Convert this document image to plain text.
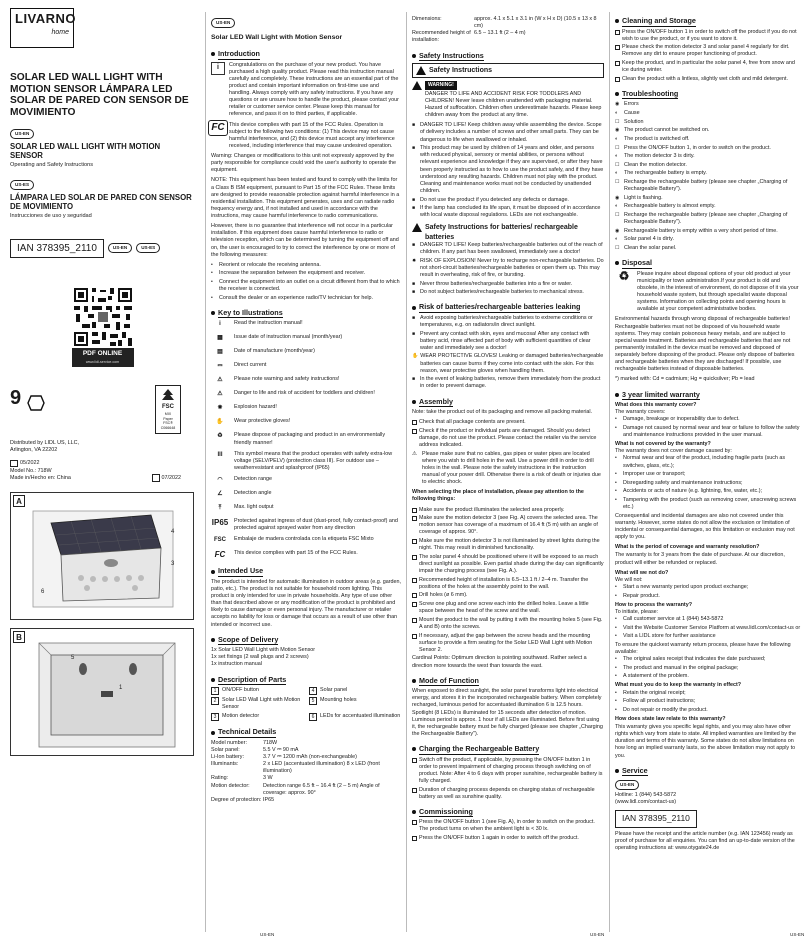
LIVARNO
home
SOLAR LED WALL LIGHT WITH MOTION SENSOR LÁMPARA LED SOLAR DE PARED CON SENSOR DE MOVIMIENTO
US-EN
SOLAR LED WALL LIGHT WITH MOTION SENSOR
Operating and Safety Instructions
US-ES
LÁMPARA LED SOLAR DE PARED CON SENSOR DE MOVIMIENTO
Instrucciones de uso y seguridad
IAN 378395_2110	US-EN	US-ES
PDF ONLINE
www.lidl-service.com
9	FSC
MIX
Paper
FSC® C066648
Distributed by LIDL US, LLC, Arlington, VA 22202
05/2022
Model No.: 718W
Made in/Hecho en: China	07/2022
A
4
3
6
B
5
1
US-EN
Solar LED Wall Light with Motion Sensor
Introduction
i	Congratulations on the purchase of your new product. You have purchased a high quality product. Please read this instruction manual carefully and completely. These instructions are an essential part of the product and contain important information on first-time use and handling. Always comply with any safety instructions. If you have any questions or are unsure how to handle the product, please contact your retailer or customer service center. Please keep this manual for reference, and pass it on to third parties, if applicable.
FC This device complies with part 15 of the FCC Rules. Operation is subject to the following two conditions: (1) This device may not cause harmful interference, and (2) this device must accept any interference received, including interference that may cause undesired operation.

Warning: Changes or modifications to this unit not expressly approved by the party responsible for compliance could void the user's authority to operate the equipment.

NOTE: This equipment has been tested and found to comply with the limits for a Class B ISM equipment, pursuant to Part 15 of the FCC Rules. These limits are designed to provide reasonable protection against harmful interference in a residential installation. This equipment generates, uses and can radiate radio frequency energy and, if not installed and used in accordance with the instructions, may cause harmful interference to radio communications.

However, there is no guarantee that interference will not occur in a particular installation. If this equipment does cause harmful interference to radio or television reception, which can be determined by turning the equipment off and on, the user is encouraged to try to correct the interference by one or more of the following measures:

•	Reorient or relocate the receiving antenna.
•	Increase the separation between the equipment and receiver.
•	Connect the equipment into an outlet on a circuit different from that to which the receiver is connected.
•	Consult the dealer or an experience radio/TV technician for help.
Key to Illustrations
i	Read the instruction manual!
▦	Issue date of instruction manual (month/year)
▤	Date of manufacture (month/year)
⎓	Direct current
⚠	Please note warning and safety instructions!
⚠	Danger to life and risk of accident for toddlers and children!
✸	Explosion hazard!
✋	Wear protective gloves!
♻	Please dispose of packaging and product in an environmentally friendly manner!
III	This symbol means that the product operates with safety extra-low voltage (SELV/PELV) (protection class III). For outdoor use – weatherresistant and splashproof (IP65)
◠	Detection range
∠	Detection angle
⤒	Max. light output
IP65 Protected against ingress of dust (dust-proof, fully contact-proof) and protected against sprayed water from any direction
FSC	Embalaje de madera controlada con la etiqueta FSC Mixto
FC	This device complies with part 15 of the FCC Rules.
Intended Use

The product is intended for automatic illumination in outdoor areas (e.g. garden, patio, etc.). The product is not suitable for household room lighting. This product is only intended for use in private households. Any type of use other than that described above or any modification of the product is prohibited and likely to cause damage or even personal injury. The manufacturer or retailer accepts no liability for loss or damage that occurs as a result of use other than intended or incorrect use.

Scope of Delivery
1x Solar LED Wall Light with Motion Sensor
1x set fixings (2 wall plugs and 2 screws)
1x instruction manual
Description of Parts
1	ON/OFF button	4	Solar panel
2	Solar LED Wall Light with Motion Sensor
5	Mounting holes
3	Motion detector	6	LEDs for accentuated illumination
Technical Details
Model number:	718W
Solar panel:	5.5 V ⎓ 90 mA
Li-Ion battery:	3.7 V ⎓ 1200 mAh (non-exchangeable)
Illuminants:	2 x LED (accentuated illumination) 8 x LED (front illumination)
Rating:	3 W
Motion detector:	Detection range 6.5 ft – 16.4 ft (2 – 5 m) Angle of coverage: approx. 90°
Degree of protection: IP65
US-EN
Dimensions:	approx. 4.1 x 5.1 x 3.1 in (W x H x D) (10.5 x 13 x 8 cm)
Recommended height of installation:
6.5 – 13.1 ft (2 – 4 m)
Safety Instructions
Safety Instructions
WARNING!

DANGER TO LIFE AND ACCIDENT RISK FOR TODDLERS AND CHILDREN! Never leave children unattended with packaging material. Hazard of suffocation. Children often underestimate hazards. Please keep children away from the product at any time.

■ DANGER TO LIFE! Keep children away while assembling the device. Scope of delivery includes a number of screws and other small parts. They can be dangerous to life when swallowed or inhaled.
■ This product may be used by children of 14 years and older, and persons with reduced physical, sensory or mental abilities, or persons without relevant experience and knowledge if they are supervised, or after they have been properly instructed as to how to use the product safely, and if they have understood any resulting hazards. Children must not play with the product. Cleaning and maintenance works must not be conducted by unattended children.
■ Do not use the product if you detected any defects or damage.
■ If the lamp has concluded its life span, it must be disposed of in accordance with local waste disposal regulations. LEDs are not exchangeable.
Safety Instructions for batteries/ rechargeable batteries
■ DANGER TO LIFE! Keep batteries/rechargeable batteries out of the reach of children. If any part has been swallowed, immediately see a doctor!
✸ RISK OF EXPLOSION! Never try to recharge non-rechargeable batteries. Do not short-circuit batteries/rechargeable batteries or open them up. This may result in overheating, risk of fire, or bursting.
■ Never throw batteries/rechargeable batteries into a fire or water.
■ Do not subject batteries/rechargeable batteries to mechanical stress.
Risk of batteries/rechargeable batteries leaking
■ Avoid exposing batteries/rechargeable batteries to extreme conditions or temperatures, e.g. on radiators/in direct sunlight.
■ Prevent any contact with skin, eyes and mucosa! After any contact with battery acid, rinse affected part of body with sufficient quantities of clear water and immediately see a doctor!
✋ WEAR PROTECTIVE GLOVES! Leaking or damaged batteries/rechargeable batteries can cause burns if they come into contact with the skin. For this reason, wear protective gloves when handling them.
■ In the event of leaking batteries, remove them immediately from the product in order to prevent damage.
Assembly

Note: take the product out of its packaging and remove all packing material.

Check that all package contents are present.
Check if the product or individual parts are damaged. Should you detect damage, do not use the product. Please contact the retailer via the service address indicated.
⚠ Please make sure that no cables, gas pipes or water pipes are located where you wish to drill holes in the wall. Use a power drill in order to drill holes in the wall. Please note the safety instructions in the instruction manual of your power drill. Otherwise there is a risk of death or injuries due to electric shock.

When selecting the place of installation, please pay attention to the following things:

Make sure the product illuminates the selected area properly.
Make sure the motion detector 3 (see Fig. A) covers the selected area. The motion sensor has coverage of a maximum of 16.4 ft (5 m) with an angle of coverage of approx. 90°.
Make sure the motion detector 3 is not illuminated by street lights during the night. This may result in diminished functionality.
The solar panel 4 should be positioned where it will be exposed to as much direct sunlight as possible. Even partial shade during the day can significantly impair the charging process (see Fig. A.).
Recommended height of installation is 6.5–13.1 ft / 2–4 m. Transfer the positions of the holes at the assembly point to the wall.
Drill holes (ø 6 mm).
Screw one plug and one screw each into the drilled holes. Leave a little space between the head of the screw and the wall.
Mount the product to the wall by putting it with the mounting holes 5 (see Fig. A and B) onto the screws.
If necessary, adjust the gap between the screw heads and the mounting surface to provide a firm seating for the Solar LED Wall Light with Motion Sensor 2.

Cardinal Points: Optimum direction is pointing southward. Rather select a direction more towards the west than towards the east.

Mode of Function

When exposed to direct sunlight, the solar panel transforms light into electrical energy, and stores it in the incorporated rechargeable battery. When completely recharged, luminous period for accentuated illumination 6 is 12.5 hours. Spotlight (8 LEDs) is illuminated for 15 seconds after detection of motion. Luminous period is approx. 1 hour if all LEDs are illuminated. Before first using it, the rechargeable battery must be fully charged (please see chapter „Charging the Rechargeable Battery").

Charging the Rechargeable Battery
Switch off the product, if applicable, by pressing the ON/OFF button 1 in order to prevent impairment of charging process through switching on of product. Note: After 4 to 6 days with proper sunshine, rechargeable battery is fully charged.
Duration of charging process depends on charging status of rechargeable battery as well as sunshine quality.
Commissioning
Press the ON/OFF button 1 (see Fig. A), in order to switch on the product. The product turns on when the ambient light is < 30 lx.
Press the ON/OFF button 1 again in order to switch off the product.
Cleaning and Storage
Press the ON/OFF button 1 in order to switch off the product if you do not wish to use the product, or if you want to store it.
Please check the motion detector 3 and solar panel 4 regularly for dirt. Remove any dirt to ensure proper functioning of product.
Keep the product, and in particular the solar panel 4, free from snow and ice during winter.
Clean the product with a lintless, slightly wet cloth and mild detergent.
Troubleshooting
◉ Errors
◐	Cause
☐ Solution
◉ The product cannot be switched on.
◐	The product is switched off.
☐ Press the ON/OFF button 1, in order to switch on the product.
◐	The motion detector 3 is dirty.
☐ Clean the motion detector.
◐	The rechargeable battery is empty.
☐ Recharge the rechargeable battery (please see chapter „Charging of Rechargeable Battery").
◉ Light is flashing.
◐	Rechargeable battery is almost empty.
☐ Recharge the rechargeable battery (please see chapter „Charging of Rechargeable Battery").
◉ Rechargeable battery is empty within a very short period of time.
◐	Solar panel 4 is dirty.
☐ Clean the solar panel.
Disposal
♻	Please inquire about disposal options of your old product at your municipality or town administration.If your product is old and obsolete, in the interest of environment, do not dispose of it via your household waste system, but through specialist waste disposal systems. Information on collecting points and opening hours is available at your competent administrative bodies.

Environmental hazards through wrong disposal of rechargeable batteries! Rechargeable batteries must not be disposed of via household waste systems. They may contain poisonous heavy metals, and are subject to special waste treatment. Batteries and rechargeable batteries that are not permanently installed in the device must be removed and disposed of separately before disposing of the product. Please only dispose of batteries and rechargeable batteries when they are discharged! If possible, use rechargeable batteries instead of disposable batteries.

*) marked with: Cd = cadmium; Hg = quicksilver; Pb = lead

3 year limited warranty

What does this warranty cover?

The warranty covers:

•	Damage, breakage or inoperability due to defect.
•	Damage not caused by normal wear and tear or failure to follow the safety and maintenance instructions provided in the user manual.

What is not covered by the warranty?

The warranty does not cover damage caused by:

•	Normal wear and tear of the product, including fragile parts (such as switches, glass, etc.);
•	Improper use or transport;
•	Disregarding safety and maintenance instructions;
•	Accidents or acts of nature (e.g. lightning, fire, water, etc.);
•	Tampering with the product (such as removing cover, unscrewing screws etc.)

Consequential and incidental damages are also not covered under this warranty. However, some states do not allow the exclusion or limitation of incidental or consequential damages, so this limitation or exclusion may not apply to you.

What is the period of coverage and warranty resolution?

The warranty is for 3 years from the date of purchase. At our discretion, product will either be refunded or replaced.

What will we not do?

We will not:

•	Start a new warranty period upon product exchange;
•	Repair product.

How to process the warranty?

To initiate, please:

•	Call customer service at 1 (844) 543-5872
•	Visit the Website Customer Service Platform at www.lidl.com/contact-us or
•	Visit a LIDL store for further assistance

To ensure the quickest warranty return process, please have the following available:

•	The original sales receipt that indicates the date purchased;
•	The product and manual in the original package;
•	A statement of the problem.

What must you do to keep the warranty in effect?

•	Retain the original receipt;
•	Follow all product instructions;
•	Do not repair or modify the product.

How does state law relate to this warranty?

This warranty gives you specific legal rights, and you may also have other rights which vary from state to state. All implied warranties are limited by the duration and terms of this warranty. Some states do not allow limitations on how long an implied warranty lasts, so the above limitation may not apply to you.

Service
US-EN
Hotline: 1 (844) 543-5872
(www.lidl.com/contact-us)
IAN 378395_2110

Please have the receipt and the article number (e.g. IAN 123456) ready as proof of purchase for all enquiries. You can find an up-to-date version of the operating instructions at: www.otygate24.de

US-EN	US-EN
